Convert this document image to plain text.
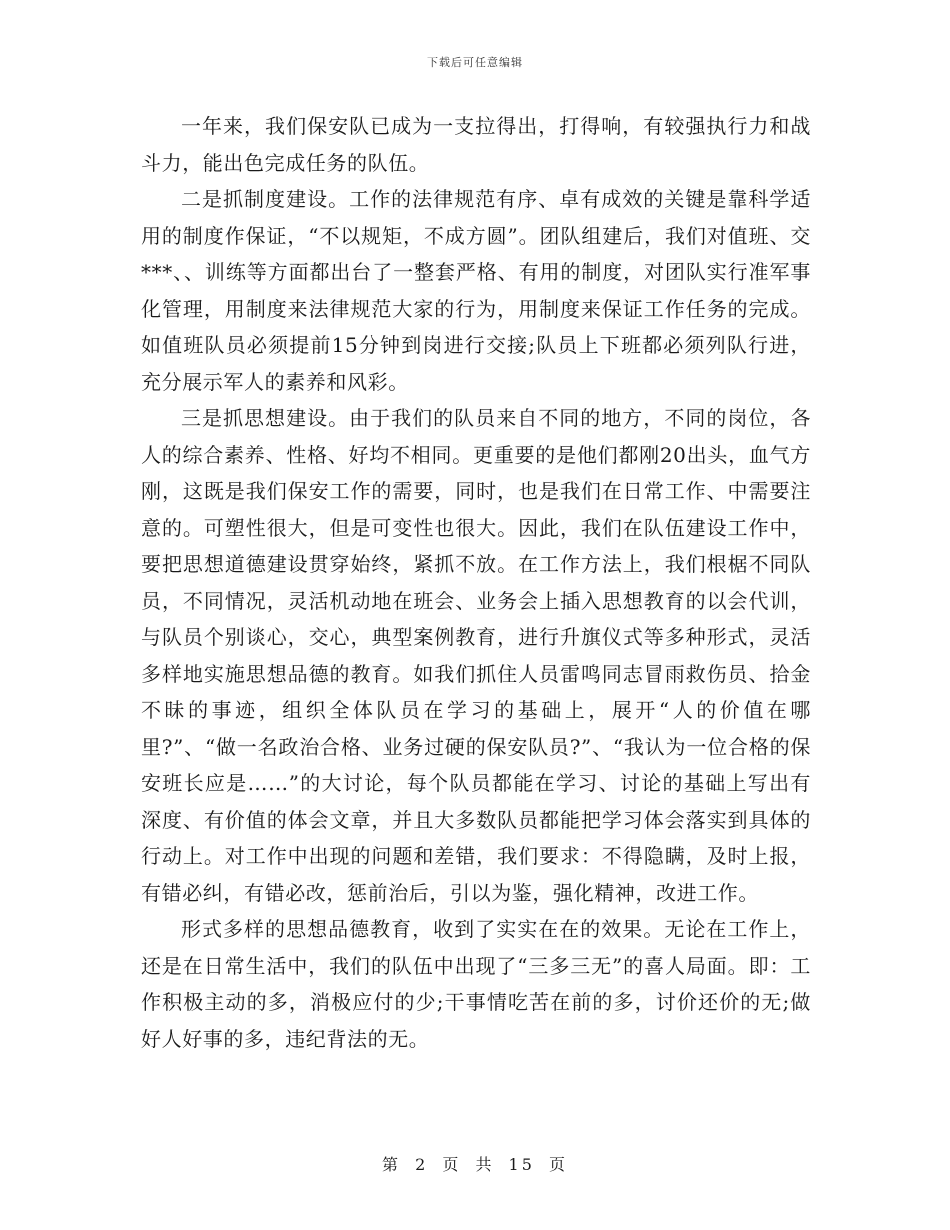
下载后可任意编辑

一年来，我们保安队已成为一支拉得出，打得响，有较强执行力和战斗力，能出色完成任务的队伍。

二是抓制度建设。工作的法律规范有序、卓有成效的关键是靠科学适用的制度作保证，“不以规矩，不成方圆”。团队组建后，我们对值班、交***、、训练等方面都出台了一整套严格、有用的制度，对团队实行准军事化管理，用制度来法律规范大家的行为，用制度来保证工作任务的完成。如值班队员必须提前15分钟到岗进行交接;队员上下班都必须列队行进，充分展示军人的素养和风彩。

三是抓思想建设。由于我们的队员来自不同的地方，不同的岗位，各人的综合素养、性格、好均不相同。更重要的是他们都刚20出头，血气方刚，这既是我们保安工作的需要，同时，也是我们在日常工作、中需要注意的。可塑性很大，但是可变性也很大。因此，我们在队伍建设工作中，要把思想道德建设贯穿始终，紧抓不放。在工作方法上，我们根椐不同队员，不同情况，灵活机动地在班会、业务会上插入思想教育的以会代训，与队员个别谈心，交心，典型案例教育，进行升旗仪式等多种形式，灵活多样地实施思想品德的教育。如我们抓住人员雷鸣同志冒雨救伤员、拾金不昧的事迹，组织全体队员在学习的基础上，展开“人的价值在哪里?”、“做一名政治合格、业务过硬的保安队员?”、“我认为一位合格的保安班长应是……”的大讨论，每个队员都能在学习、讨论的基础上写出有深度、有价值的体会文章，并且大多数队员都能把学习体会落实到具体的行动上。对工作中出现的问题和差错，我们要求：不得隐瞒，及时上报，有错必纠，有错必改，惩前治后，引以为鉴，强化精神，改进工作。

形式多样的思想品德教育，收到了实实在在的效果。无论在工作上，还是在日常生活中，我们的队伍中出现了“三多三无”的喜人局面。即：工作积极主动的多，消极应付的少;干事情吃苦在前的多，讨价还价的无;做好人好事的多，违纪背法的无。

第 2 页 共 15 页
